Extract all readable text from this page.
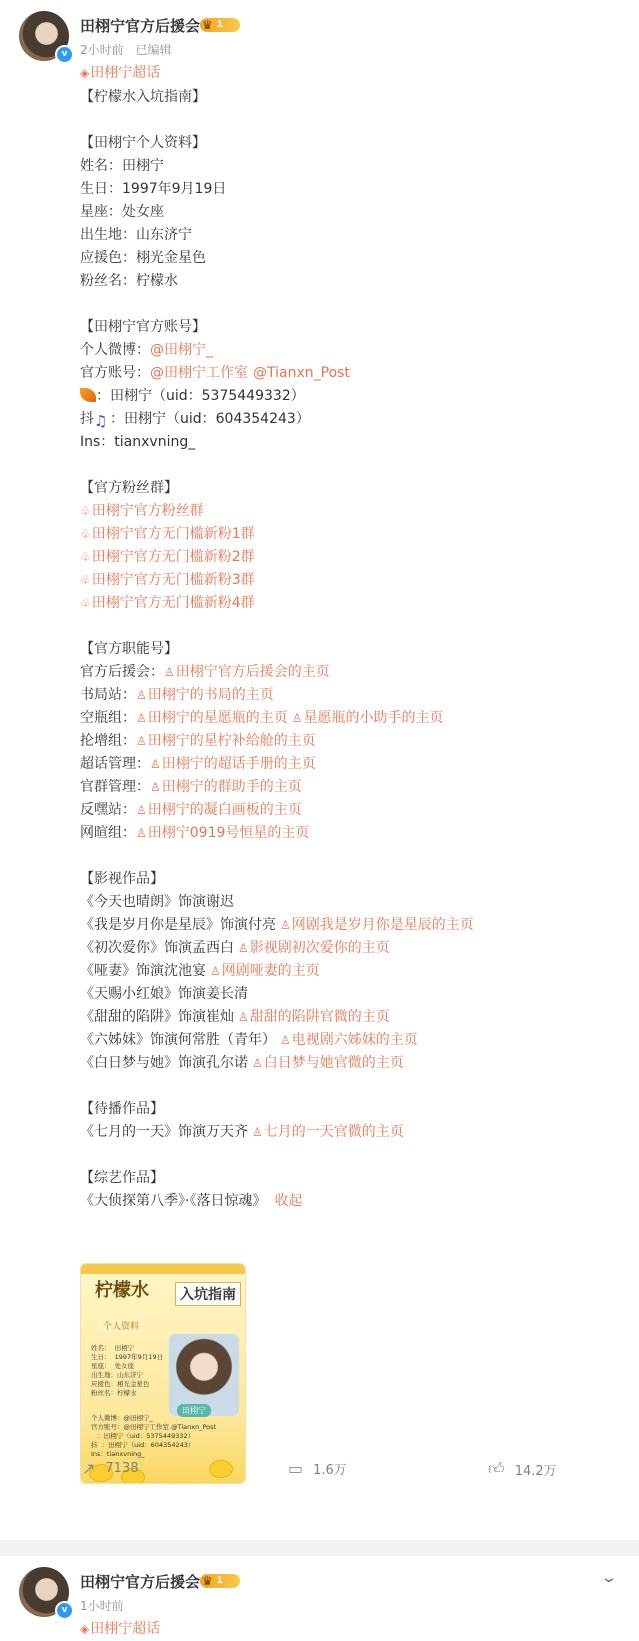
v
田栩宁官方后援会 ♛ 1
2小时前 已编辑
◈田栩宁超话
【柠檬水入坑指南】
【田栩宁个人资料】
姓名：田栩宁
生日：1997年9月19日
星座：处女座
出生地：山东济宁
应援色：栩光金星色
粉丝名：柠檬水
【田栩宁官方账号】
个人微博：@田栩宁_
官方账号：@田栩宁工作室 @Tianxn_Post
：田栩宁（uid：5375449332）
抖♫ ：田栩宁（uid：604354243）
Ins：tianxvning_
【官方粉丝群】
♧田栩宁官方粉丝群
♧田栩宁官方无门槛新粉1群
♧田栩宁官方无门槛新粉2群
♧田栩宁官方无门槛新粉3群
♧田栩宁官方无门槛新粉4群
【官方职能号】
官方后援会：♙田栩宁官方后援会的主页
书局站：♙田栩宁的书局的主页
空瓶组：♙田栩宁的星愿瓶的主页 ♙星愿瓶的小助手的主页
抡增组：♙田栩宁的星柠补给舱的主页
超话管理：♙田栩宁的超话手册的主页
官群管理：♙田栩宁的群助手的主页
反嘿站：♙田栩宁的凝白画板的主页
网暄组：♙田栩宁0919号恒星的主页
【影视作品】
《今天也晴朗》饰演谢迟
《我是岁月你是星辰》饰演付亮 ♙网剧我是岁月你是星辰的主页
《初次爱你》饰演孟西白 ♙影视剧初次爱你的主页
《哑妻》饰演沈池宴 ♙网剧哑妻的主页
《天赐小红娘》饰演姜长清
《甜甜的陷阱》饰演崔灿 ♙甜甜的陷阱官微的主页
《六姊妹》饰演何常胜（青年） ♙电视剧六姊妹的主页
《白日梦与她》饰演孔尔诺 ♙白日梦与她官微的主页
【待播作品】
《七月的一天》饰演万天齐 ♙七月的一天官微的主页
【综艺作品】
《大侦探第八季》·《落日惊魂》 收起
柠檬水	入坑指南
个人资料
姓名：  田栩宁
生日：  1997年9月19日
星座：  处女座
出生地：山东济宁
应援色：栩光金星色
粉丝名：柠檬水
田栩宁
个人微博：@田栩宁_
官方账号：@田栩宁工作室 @Tianxn_Post
：田栩宁（uid：5375449332）
抖  ：田栩宁（uid：604354243）
Ins：tianxvning_
↗ 7138	▭ 1.6万	👍︎ 14.2万
⌄
v
田栩宁官方后援会 ♛ 1
1小时前
◈田栩宁超话
